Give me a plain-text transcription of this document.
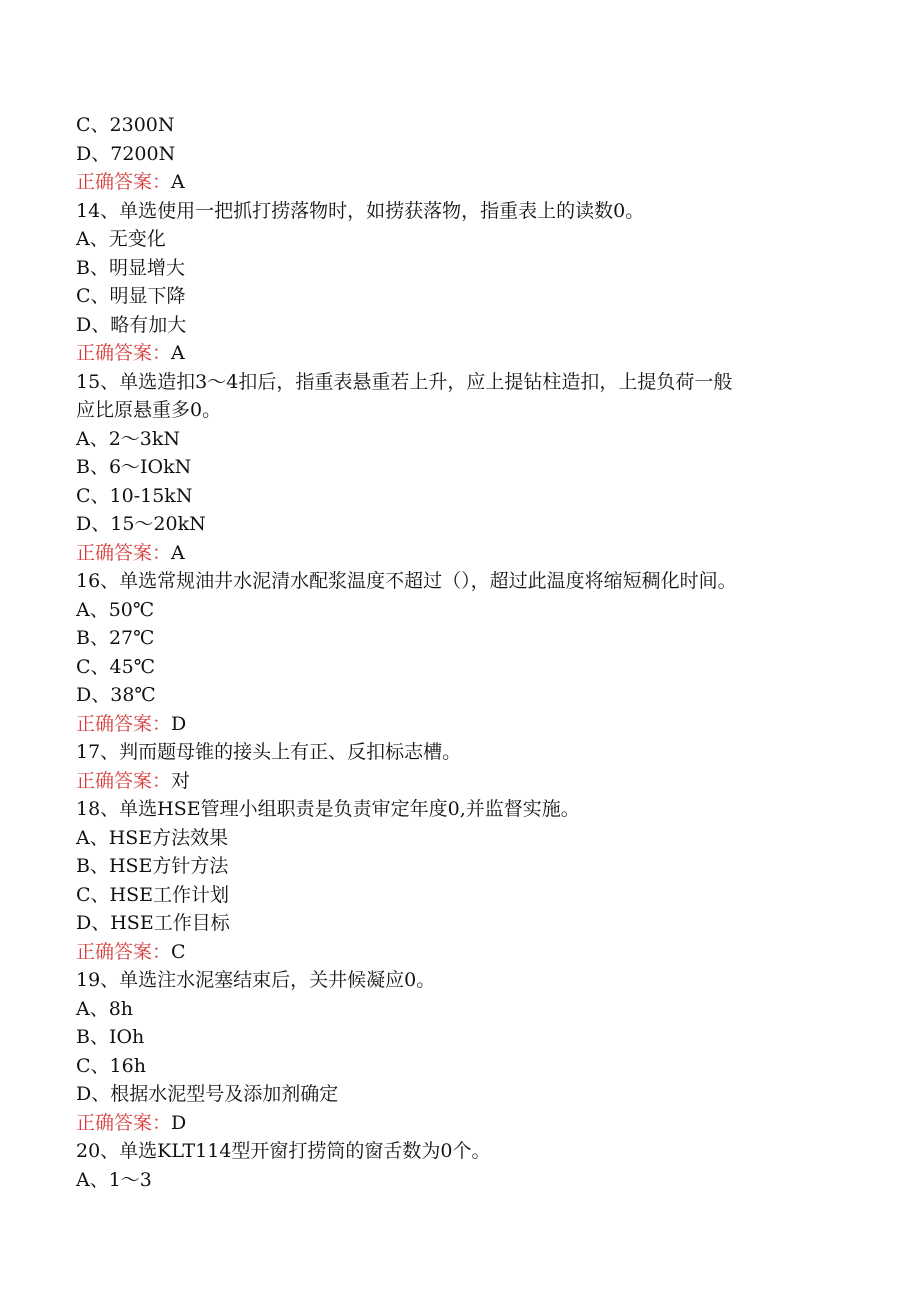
C、2300N
D、7200N
正确答案：A
14、单选使用一把抓打捞落物时，如捞获落物，指重表上的读数0。
A、无变化
B、明显增大
C、明显下降
D、略有加大
正确答案：A
15、单选造扣3～4扣后，指重表悬重若上升，应上提钻柱造扣，上提负荷一般
应比原悬重多0。
A、2～3kN
B、6～IOkN
C、10-15kN
D、15～20kN
正确答案：A
16、单选常规油井水泥清水配浆温度不超过（），超过此温度将缩短稠化时间。
A、50℃
B、27℃
C、45℃
D、38℃
正确答案：D
17、判而题母锥的接头上有正、反扣标志槽。
正确答案：对
18、单选HSE管理小组职责是负责审定年度0,并监督实施。
A、HSE方法效果
B、HSE方针方法
C、HSE工作计划
D、HSE工作目标
正确答案：C
19、单选注水泥塞结束后，关井候凝应0。
A、8h
B、IOh
C、16h
D、根据水泥型号及添加剂确定
正确答案：D
20、单选KLT114型开窗打捞筒的窗舌数为0个。
A、1～3
